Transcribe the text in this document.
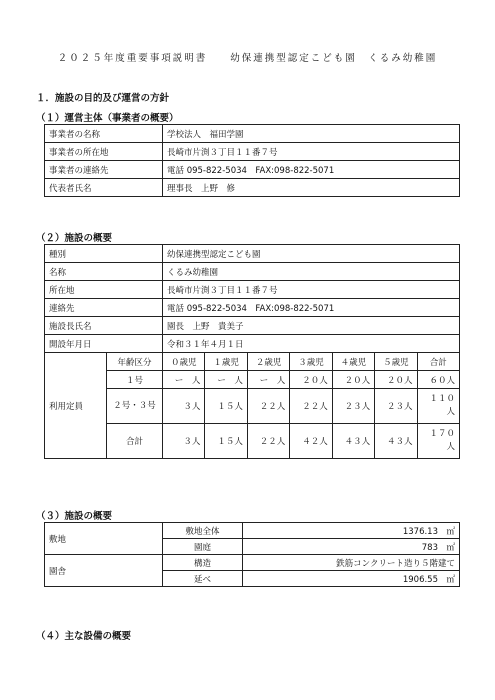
２０２５年度重要事項説明書　　幼保連携型認定こども園　くるみ幼稚園
１．施設の目的及び運営の方針
（１）運営主体（事業者の概要）
事業者の名称	学校法人　福田学園
事業者の所在地	長崎市片渕３丁目１１番７号
事業者の連絡先	電話 095-822-5034　FAX:098-822-5071
代表者氏名	理事長　上野　修
（２）施設の概要
種別		幼保連携型認定こども園						
名称		くるみ幼稚園						
所在地		長崎市片渕３丁目１１番７号						
連絡先		電話 095-822-5034　FAX:098-822-5071						
施設長氏名		園長　上野　貴美子						
開設年月日		令和３１年４月１日						
利用定員	年齢区分	０歳児	１歳児	２歳児	３歳児	４歳児	５歳児	合計
	１号	ー　人	ー　人	ー　人	２０人	２０人	２０人	６０人
	２号・３号	３人	１５人	２２人	２２人	２３人	２３人	１１０人
	合計	３人	１５人	２２人	４２人	４３人	４３人	１７０人
（３）施設の概要
敷地	敷地全体	1376.13　㎡
	園庭	783　㎡
園舎	構造	鉄筋コンクリート造り５階建て
	延べ	1906.55　㎡
（４）主な設備の概要
